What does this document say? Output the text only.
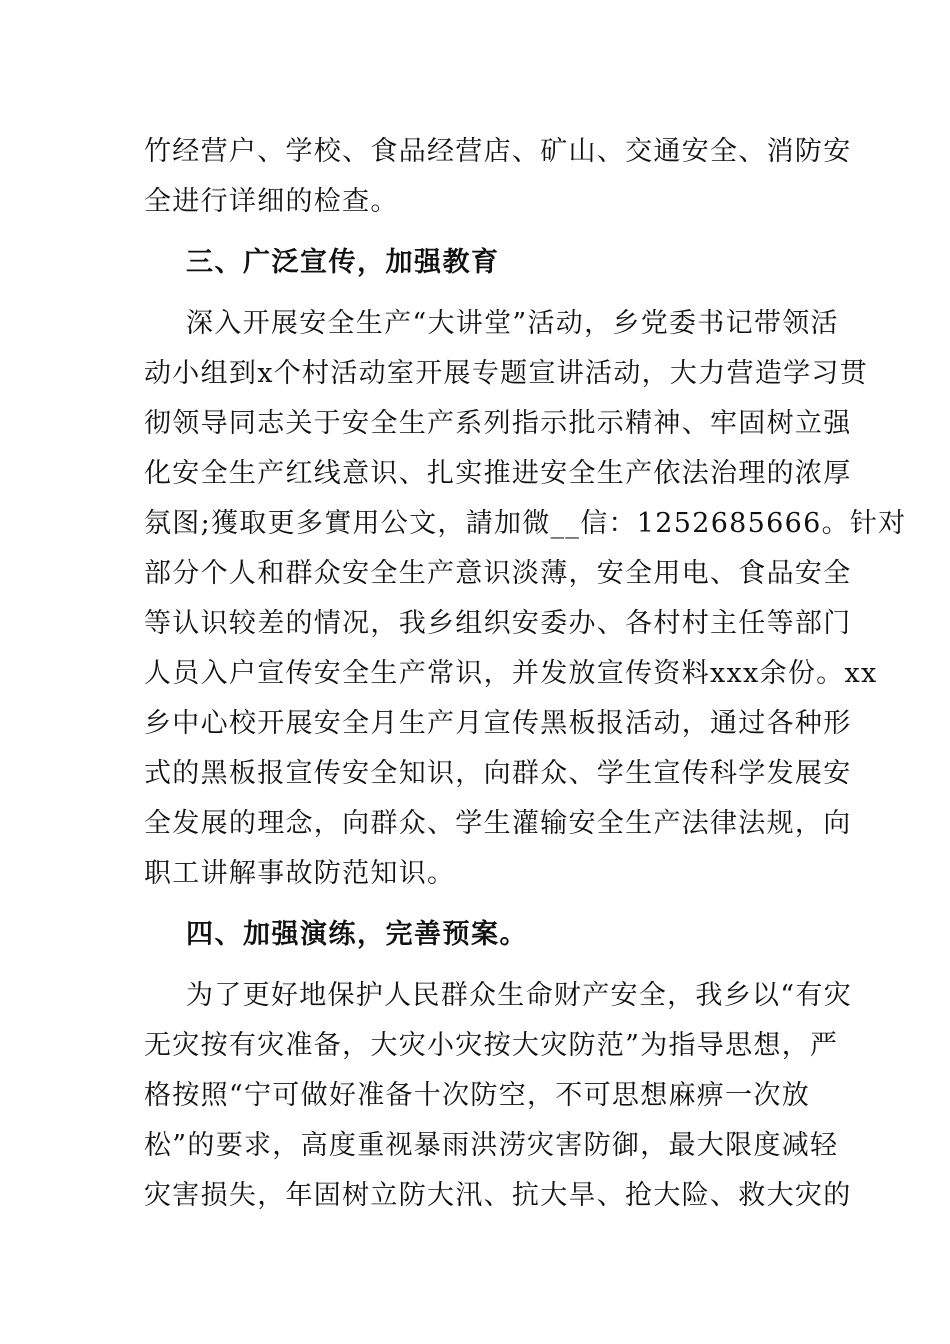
竹经营户、学校、食品经营店、矿山、交通安全、消防安
全进行详细的检查。
三、广泛宣传，加强教育
深入开展安全生产“大讲堂”活动，乡党委书记带领活
动小组到x个村活动室开展专题宣讲活动，大力营造学习贯
彻领导同志关于安全生产系列指示批示精神、牢固树立强
化安全生产红线意识、扎实推进安全生产依法治理的浓厚
氛图;獲取更多實用公文，請加微__信：1252685666。针对
部分个人和群众安全生产意识淡薄，安全用电、食品安全
等认识较差的情况，我乡组织安委办、各村村主任等部门
人员入户宣传安全生产常识，并发放宣传资料xxx余份。xx
乡中心校开展安全月生产月宣传黑板报活动，通过各种形
式的黑板报宣传安全知识，向群众、学生宣传科学发展安
全发展的理念，向群众、学生灌输安全生产法律法规，向
职工讲解事故防范知识。
四、加强演练，完善预案。
为了更好地保护人民群众生命财产安全，我乡以“有灾
无灾按有灾准备，大灾小灾按大灾防范”为指导思想，严
格按照“宁可做好准备十次防空，不可思想麻痹一次放
松”的要求，高度重视暴雨洪涝灾害防御，最大限度减轻
灾害损失，年固树立防大汛、抗大旱、抢大险、救大灾的
